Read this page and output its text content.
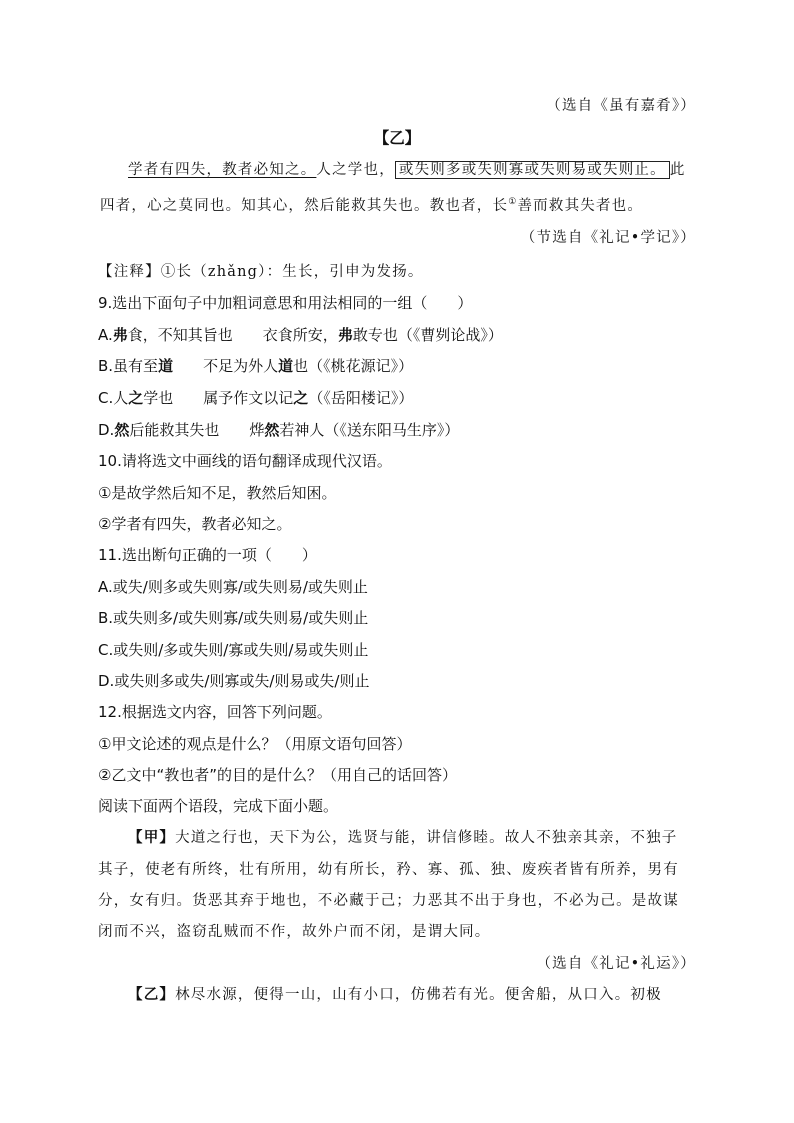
（选自《虽有嘉肴》）
【乙】
学者有四失，教者必知之。人之学也， 或失则多或失则寡或失则易或失则止。 此
四者，心之莫同也。知其心，然后能救其失也。教也者，长①善而救其失者也。
（节选自《礼记•学记》）
【注释】①长（zhǎng）：生长，引申为发扬。
9.选出下面句子中加粗词意思和用法相同的一组（　　）
A.弗食，不知其旨也 衣食所安，弗敢专也（《曹刿论战》）
B.虽有至道 不足为外人道也（《桃花源记》）
C.人之学也 属予作文以记之（《岳阳楼记》）
D.然后能救其失也 烨然若神人（《送东阳马生序》）
10.请将选文中画线的语句翻译成现代汉语。
①是故学然后知不足，教然后知困。
②学者有四失，教者必知之。
11.选出断句正确的一项（　　）
A.或失/则多或失则寡/或失则易/或失则止
B.或失则多/或失则寡/或失则易/或失则止
C.或失则/多或失则/寡或失则/易或失则止
D.或失则多或失/则寡或失/则易或失/则止
12.根据选文内容，回答下列问题。
①甲文论述的观点是什么？（用原文语句回答）
②乙文中“教也者”的目的是什么？（用自己的话回答）
阅读下面两个语段，完成下面小题。
【甲】大道之行也，天下为公，选贤与能，讲信修睦。故人不独亲其亲，不独子
其子，使老有所终，壮有所用，幼有所长，矜、寡、孤、独、废疾者皆有所养，男有
分，女有归。货恶其弃于地也，不必藏于己；力恶其不出于身也，不必为己。是故谋
闭而不兴，盗窃乱贼而不作，故外户而不闭，是谓大同。
（选自《礼记•礼运》）
【乙】林尽水源，便得一山，山有小口，仿佛若有光。便舍船，从口入。初极
